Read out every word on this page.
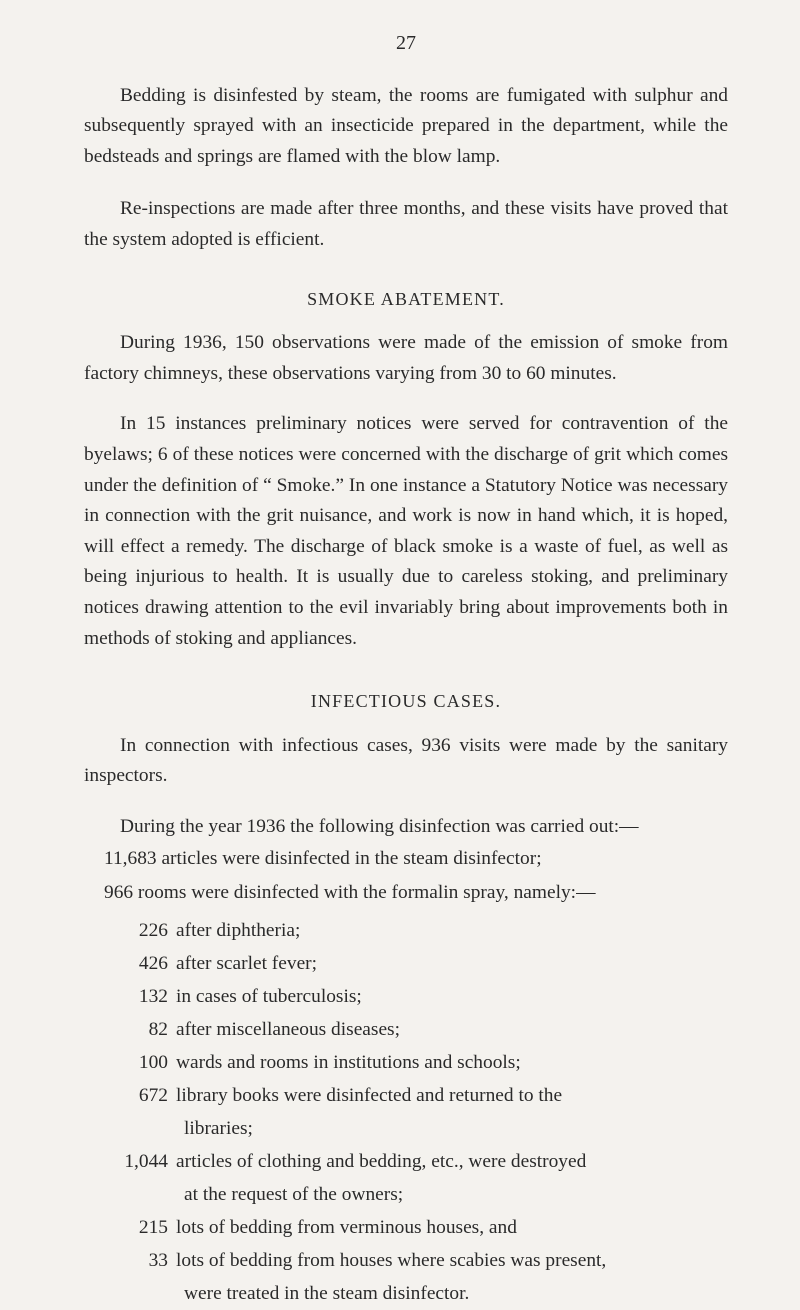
27

Bedding is disinfested by steam, the rooms are fumigated with sulphur and subsequently sprayed with an insecticide prepared in the department, while the bedsteads and springs are flamed with the blow lamp.

Re-inspections are made after three months, and these visits have proved that the system adopted is efficient.

SMOKE ABATEMENT.

During 1936, 150 observations were made of the emission of smoke from factory chimneys, these observations varying from 30 to 60 minutes.

In 15 instances preliminary notices were served for contravention of the byelaws; 6 of these notices were concerned with the discharge of grit which comes under the definition of “ Smoke.” In one instance a Statutory Notice was necessary in connection with the grit nuisance, and work is now in hand which, it is hoped, will effect a remedy. The discharge of black smoke is a waste of fuel, as well as being injurious to health. It is usually due to careless stoking, and preliminary notices drawing attention to the evil invariably bring about improvements both in methods of stoking and appliances.

INFECTIOUS CASES.

In connection with infectious cases, 936 visits were made by the sanitary inspectors.

During the year 1936 the following disinfection was carried out:—

11,683 articles were disinfected in the steam disinfector;
966 rooms were disinfected with the formalin spray, namely:—
226 after diphtheria;
426 after scarlet fever;
132 in cases of tuberculosis;
82 after miscellaneous diseases;
100 wards and rooms in institutions and schools;
672 library books were disinfected and returned to the
libraries;
1,044 articles of clothing and bedding, etc., were destroyed
at the request of the owners;
215 lots of bedding from verminous houses, and
33 lots of bedding from houses where scabies was present,
were treated in the steam disinfector.
